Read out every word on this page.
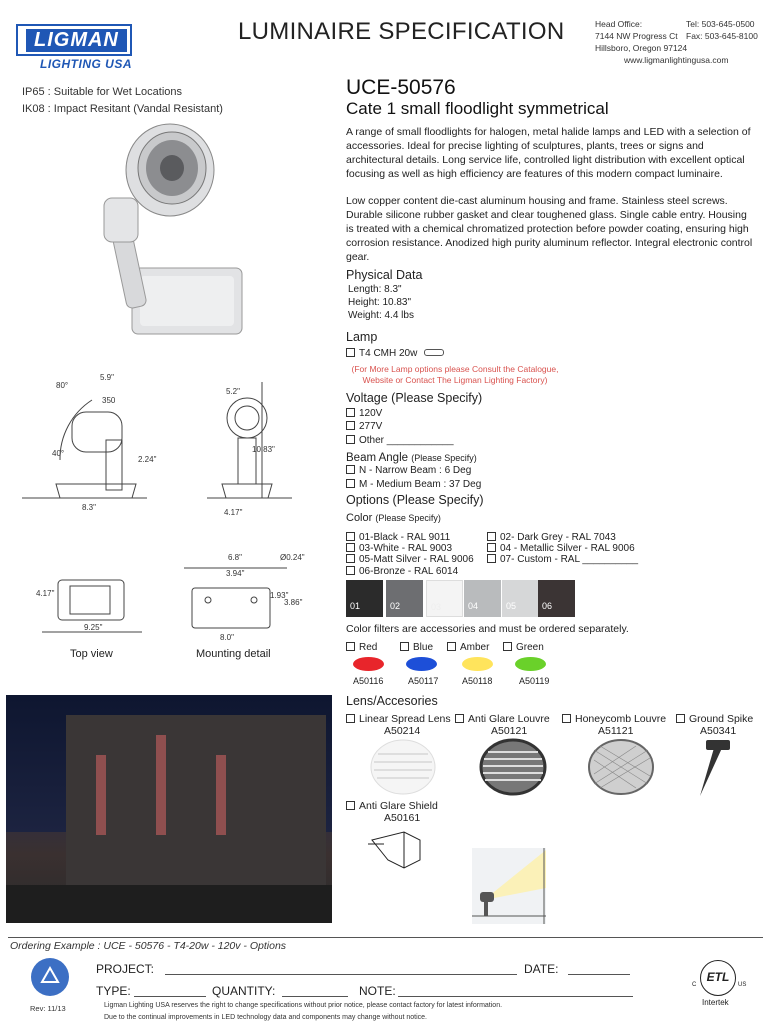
LIGMAN
LIGHTING USA
LUMINAIRE SPECIFICATION	Head Office:
7144 NW Progress Ct
Hillsboro, Oregon 97124
www.ligmanlightingusa.com
Tel: 503-645-0500
Fax: 503-645-8100
IP65 : Suitable for Wet Locations
IK08 : Impact Resitant (Vandal Resistant)
UCE-50576
Cate 1 small floodlight symmetrical
A range of small floodlights for halogen, metal halide lamps and LED with a selection of accessories. Ideal for precise lighting of sculptures, plants, trees or signs and architectural details. Long service life, controlled light distribution with excellent optical focusing as well as high efficiency are features of this modern compact luminaire.
Low copper content die-cast aluminum housing and frame. Stainless steel screws. Durable silicone rubber gasket and clear toughened glass. Single cable entry. Housing is treated with a chemical chromatized protection before powder coating, ensuring high corrosion resistance. Anodized high purity aluminum reflector. Integral electronic control gear.
Physical Data
Length: 8.3"
Height: 10.83"
Weight: 4.4 lbs
Lamp
T4 CMH 20w
(For More Lamp options please Consult the Catalogue,
Website or Contact The Ligman Lighting Factory)
Voltage (Please Specify)
120V
277V
Other ____________
Beam Angle (Please Specify)
N - Narrow Beam : 6 Deg
M - Medium Beam : 37 Deg
Options (Please Specify)
Color (Please Specify)
01-Black - RAL 9011
03-White - RAL 9003
05-Matt Silver - RAL 9006
06-Bronze - RAL 6014
02- Dark Grey - RAL 7043
04 - Metallic Silver - RAL 9006
07- Custom - RAL __________
01	02	03	04	05	06
Color filters are accessories and must be ordered separately.
Red	Blue	Amber	Green
A50116	A50117	A50118	A50119
Lens/Accesories
Linear Spread Lens
A50214
Anti Glare Louvre
A50121
Honeycomb Louvre
A51121
Ground Spike
A50341
Anti Glare Shield
A50161
5.9"
80°
350
40°
2.24"
8.3"
5.2"
10.83"
4.17"
6.8"	Ø0.24"
3.94"
4.17"	1.93"
3.86"
9.25"
8.0"
Top view	Mounting detail
Ordering Example : UCE - 50576 - T4-20w - 120v - Options
Rev: 11/13
PROJECT:	DATE:
TYPE:	QUANTITY:	NOTE:
Ligman Lighting USA reserves the right to change specifications without prior notice, please contact factory for latest information.
Due to the continual improvements in LED technology data and components may change without notice.
ETL
C	US
Intertek
